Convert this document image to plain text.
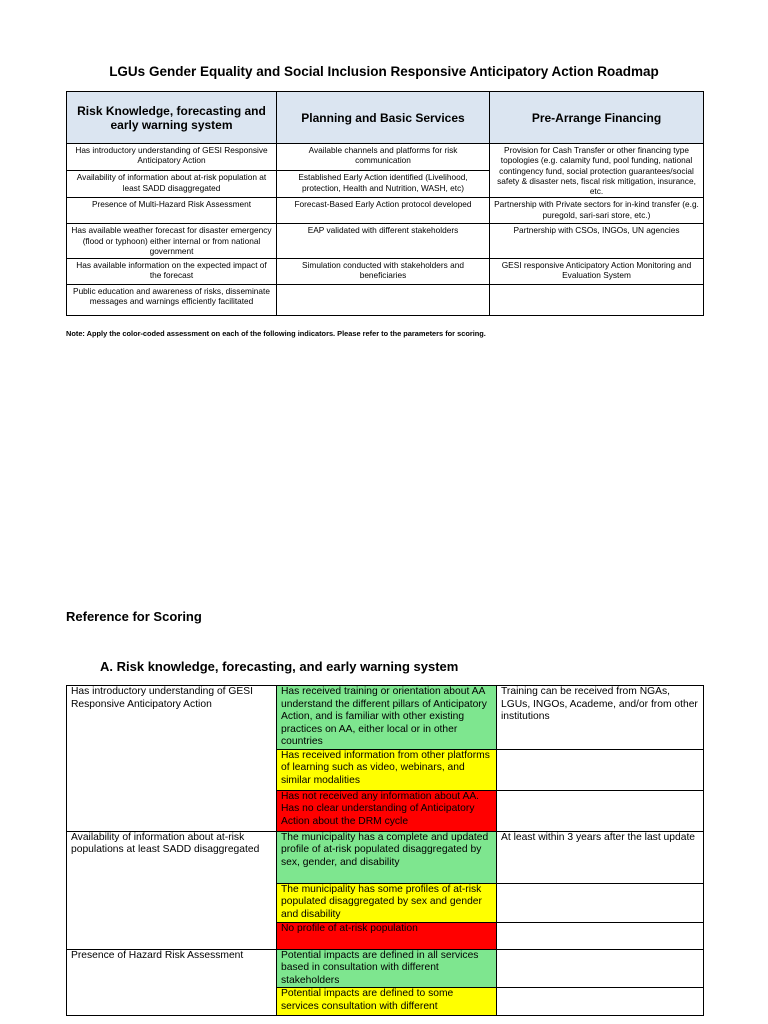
LGUs Gender Equality and Social Inclusion Responsive Anticipatory Action Roadmap
Risk Knowledge, forecasting and early warning system	Planning and Basic Services	Pre-Arrange Financing
Has introductory understanding of GESI Responsive Anticipatory Action	Available channels and platforms for risk communication	Provision for Cash Transfer or other financing type topologies (e.g. calamity fund, pool funding, national contingency fund, social protection guarantees/social safety & disaster nets, fiscal risk mitigation, insurance, etc.
Availability of information about at-risk population at least SADD disaggregated	Established Early Action identified (Livelihood, protection, Health and Nutrition, WASH, etc)	
Presence of Multi-Hazard Risk Assessment	Forecast-Based Early Action protocol developed	Partnership with Private sectors for in-kind transfer (e.g. puregold, sari-sari store, etc.)
Has available weather forecast for disaster emergency (flood or typhoon) either internal or from national government	EAP validated with different stakeholders	Partnership with CSOs, INGOs, UN agencies
Has available information on the expected impact of the forecast	Simulation conducted with stakeholders and beneficiaries	GESI responsive Anticipatory Action Monitoring and Evaluation System
Public education and awareness of risks, disseminate messages and warnings efficiently facilitated		
Note: Apply the color-coded assessment on each of the following indicators. Please refer to the parameters for scoring.
Reference for Scoring
A. Risk knowledge, forecasting, and early warning system
Has introductory understanding of GESI Responsive Anticipatory Action	Has received training or orientation about AA understand the different pillars of Anticipatory Action, and is familiar with other existing practices on AA, either local or in other countries	Training can be received from NGAs, LGUs, INGOs, Academe, and/or from other institutions
	Has received information from other platforms of learning such as video, webinars, and similar modalities	
	Has not received any information about AA. Has no clear understanding of Anticipatory Action about the DRM cycle	
Availability of information about at-risk populations at least SADD disaggregated	The municipality has a complete and updated profile of at-risk populated disaggregated by sex, gender, and disability	At least within 3 years after the last update
	The municipality has some profiles of at-risk populated disaggregated by sex and gender and disability	
	No profile of at-risk population	
Presence of Hazard Risk Assessment	Potential impacts are defined in all services based in consultation with different stakeholders	
	Potential impacts are defined to some services consultation with different	
